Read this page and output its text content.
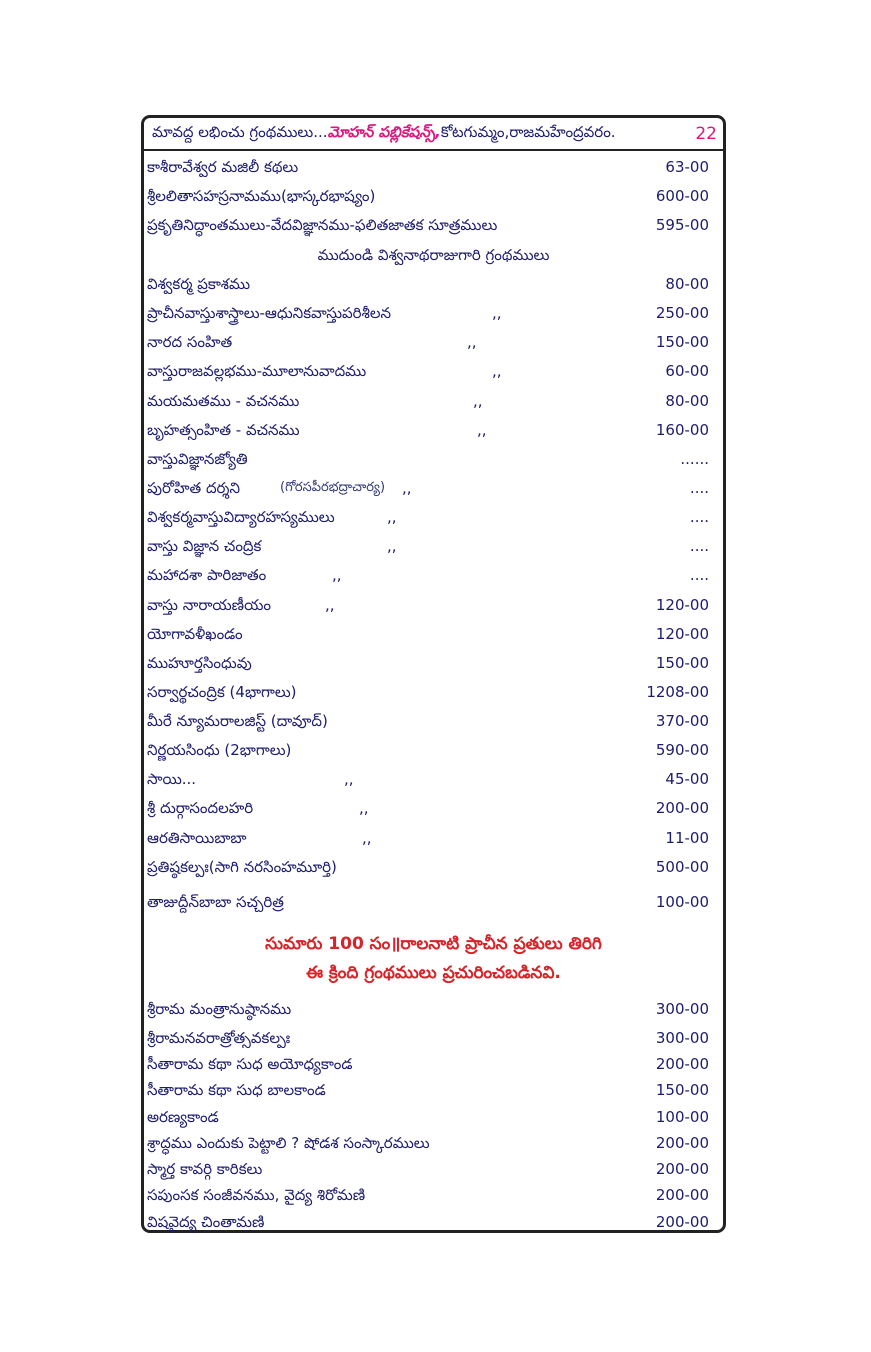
మావద్ద లభించు గ్రంథములు... మోహన్ పబ్లికేషన్స్, కోటగుమ్మం,రాజమహేంద్రవరం.	22
కాశీరావేశ్వర మజిలీ కథలు	63-00
శ్రీలలితాసహస్రనామము(భాస్కరభాష్యం)	600-00
ప్రకృతినిద్ధాంతములు-వేదవిజ్ఞానము-ఫలితజాతక సూత్రములు	595-00
ముదుండి విశ్వనాథరాజుగారి గ్రంథములు
విశ్వకర్మ ప్రకాశము	80-00
ప్రాచీనవాస్తుశాస్త్రాలు-ఆధునికవాస్తుపరిశీలన	,,	250-00
నారద సంహిత	,,	150-00
వాస్తురాజవల్లభము-మూలానువాదము	,,	60-00
మయమతము - వచనము	,,	80-00
బృహత్సంహిత - వచనము	,,	160-00
వాస్తువిజ్ఞానజ్యోతి	......
పురోహిత దర్శని	(గోరసపీరభద్రాచార్య) ,,	....
విశ్వకర్మవాస్తువిద్యారహస్యములు	,,	....
వాస్తు విజ్ఞాన చంద్రిక	,,	....
మహాదశా పారిజాతం	,,	....
వాస్తు నారాయణీయం	,,	120-00
యోగావళీఖండం	120-00
ముహూర్తసింధువు	150-00
సర్వార్థచంద్రిక (4భాగాలు)	1208-00
మీరే న్యూమరాలజిస్ట్ (దావూద్)	370-00
నిర్ణయసింధు (2భాగాలు)	590-00
సాయి...	,,	45-00
శ్రీ దుర్గాసందలహరి	,,	200-00
ఆరతిసాయిబాబా	,,	11-00
ప్రతిష్ఠకల్పః(సాగి నరసింహమూర్తి)	500-00
తాజుద్దీన్‌బాబా సచ్చరిత్ర	100-00
సుమారు 100 సం॥రాలనాటి ప్రాచీన ప్రతులు తిరిగి
ఈ క్రింది గ్రంథములు ప్రచురించబడినవి.
శ్రీరామ మంత్రానుష్ఠానము	300-00
శ్రీరామనవరాత్రోత్సవకల్పః	300-00
సీతారామ కథా సుధ అయోధ్యకాండ	200-00
సీతారామ కథా సుధ బాలకాండ	150-00
అరణ్యకాండ	100-00
శ్రాద్ధము ఎందుకు పెట్టాలి ? షోడశ సంస్కారములు	200-00
స్మార్త కావర్గి కారికలు	200-00
సపుంసక సంజీవనము, వైద్య శిరోమణి	200-00
విషవైద్య చింతామణి	200-00
